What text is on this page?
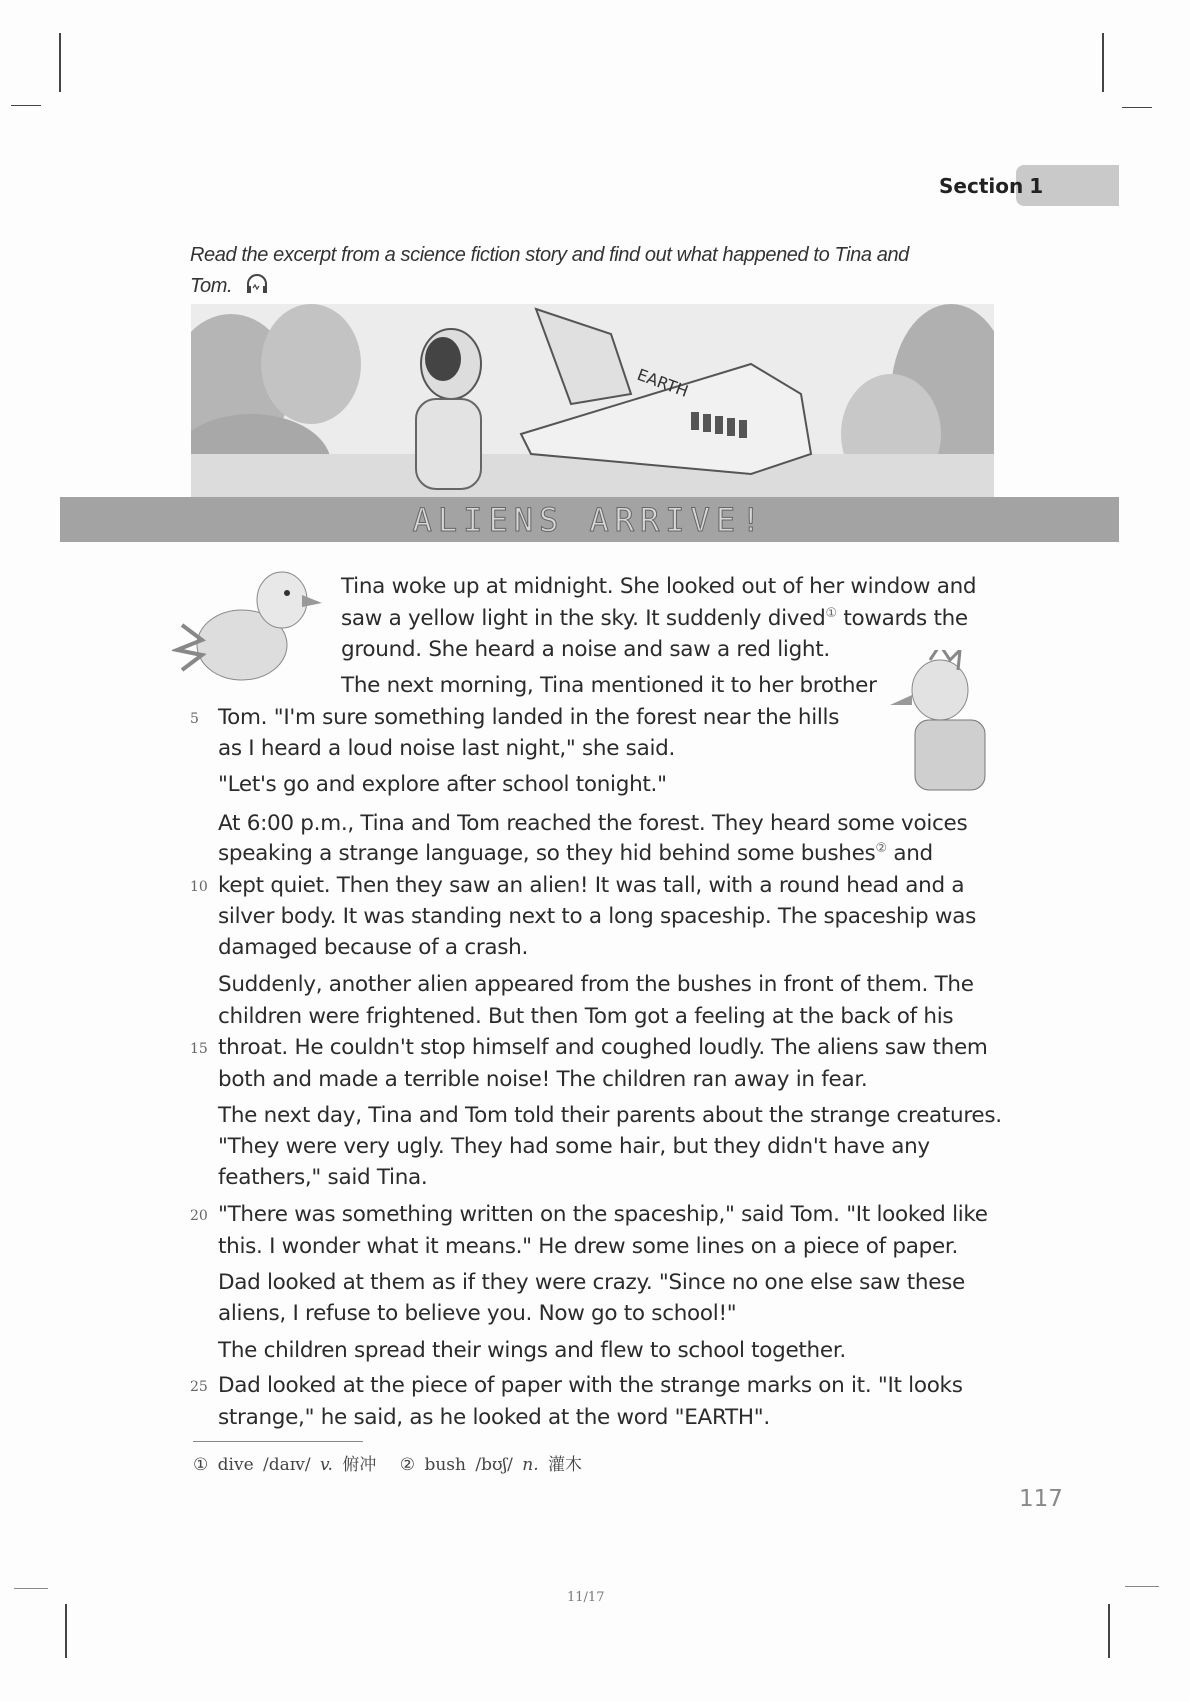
Section 1
Read the excerpt from a science fiction story and find out what happened to Tina and
Tom.
EARTH
ALIENS ARRIVE!
Tina woke up at midnight. She looked out of her window and
saw a yellow light in the sky. It suddenly dived① towards the
ground. She heard a noise and saw a red light.
The next morning, Tina mentioned it to her brother
Tom. "I'm sure something landed in the forest near the hills
5
as I heard a loud noise last night," she said.
"Let's go and explore after school tonight."
At 6:00 p.m., Tina and Tom reached the forest. They heard some voices
speaking a strange language, so they hid behind some bushes② and
kept quiet. Then they saw an alien! It was tall, with a round head and a
10
silver body. It was standing next to a long spaceship. The spaceship was
damaged because of a crash.
Suddenly, another alien appeared from the bushes in front of them. The
children were frightened. But then Tom got a feeling at the back of his
throat. He couldn't stop himself and coughed loudly. The aliens saw them
15
both and made a terrible noise! The children ran away in fear.
The next day, Tina and Tom told their parents about the strange creatures.
"They were very ugly. They had some hair, but they didn't have any
feathers," said Tina.
"There was something written on the spaceship," said Tom. "It looked like
20
this. I wonder what it means." He drew some lines on a piece of paper.
Dad looked at them as if they were crazy. "Since no one else saw these
aliens, I refuse to believe you. Now go to school!"
The children spread their wings and flew to school together.
Dad looked at the piece of paper with the strange marks on it. "It looks
25
strange," he said, as he looked at the word "EARTH".
① dive /daɪv/ v. 俯冲 ② bush /bʊʃ/ n. 灌木
117
11/17
